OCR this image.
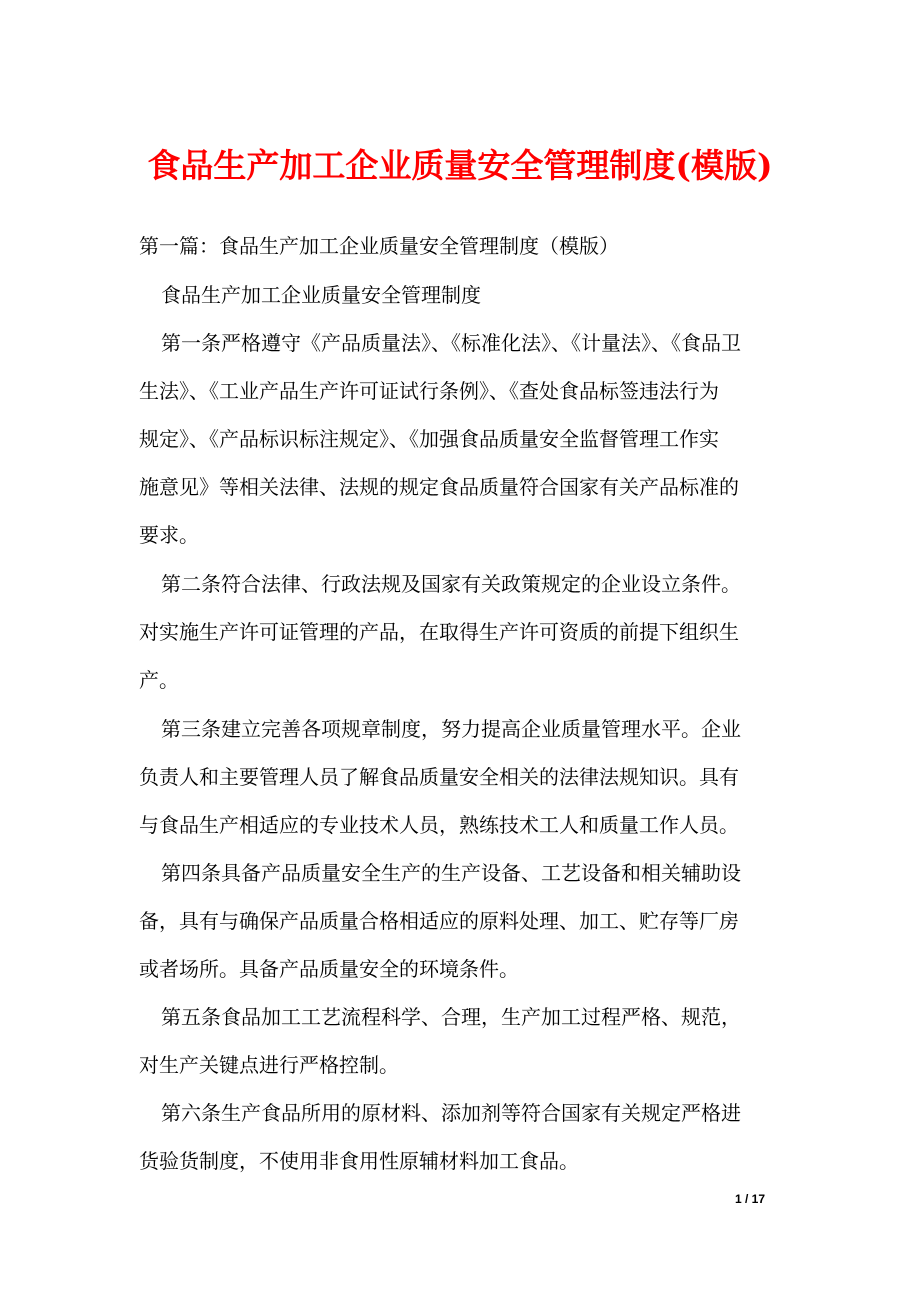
食品生产加工企业质量安全管理制度(模版)

第一篇：食品生产加工企业质量安全管理制度（模版）

食品生产加工企业质量安全管理制度

第一条严格遵守《产品质量法》、《标准化法》、《计量法》、《食品卫
生法》、《工业产品生产许可证试行条例》、《查处食品标签违法行为
规定》、《产品标识标注规定》、《加强食品质量安全监督管理工作实
施意见》等相关法律、法规的规定食品质量符合国家有关产品标准的
要求。
第二条符合法律、行政法规及国家有关政策规定的企业设立条件。
对实施生产许可证管理的产品，在取得生产许可资质的前提下组织生
产。
第三条建立完善各项规章制度，努力提高企业质量管理水平。企业
负责人和主要管理人员了解食品质量安全相关的法律法规知识。具有
与食品生产相适应的专业技术人员，熟练技术工人和质量工作人员。
第四条具备产品质量安全生产的生产设备、工艺设备和相关辅助设
备，具有与确保产品质量合格相适应的原料处理、加工、贮存等厂房
或者场所。具备产品质量安全的环境条件。
第五条食品加工工艺流程科学、合理，生产加工过程严格、规范，
对生产关键点进行严格控制。
第六条生产食品所用的原材料、添加剂等符合国家有关规定严格进
货验货制度，不使用非食用性原辅材料加工食品。
1 / 17
